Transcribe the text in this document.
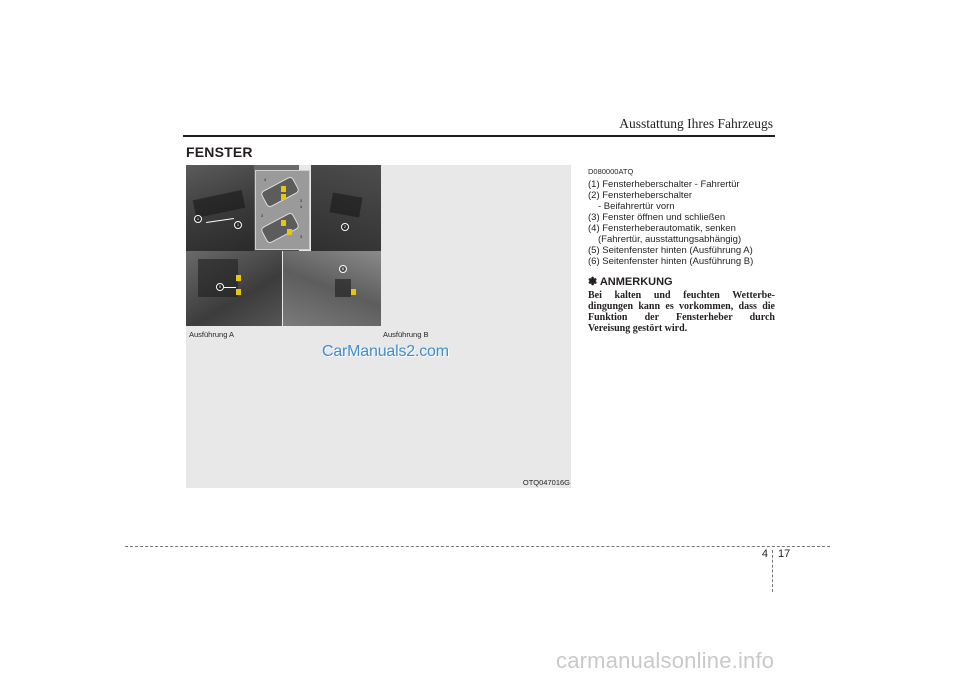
Ausstattung Ihres Fahrzeugs
FENSTER
1
1
4
3
4
3
3
2
5
6
Ausführung A	Ausführung B
CarManuals2.com
OTQ047016G
D080000ATQ
(1) Fensterheberschalter - Fahrertür
(2) Fensterheberschalter
- Beifahrertür vorn
(3) Fenster öffnen und schließen
(4) Fensterheberautomatik, senken
(Fahrertür, ausstattungsabhängig)
(5) Seitenfenster hinten (Ausführung A)
(6) Seitenfenster hinten (Ausführung B)
✽ ANMERKUNG
Bei kalten und feuchten Wetterbe-dingungen kann es vorkommen, dass die Funktion der Fensterheber durch Vereisung gestört wird.
4 17
carmanualsonline.info
